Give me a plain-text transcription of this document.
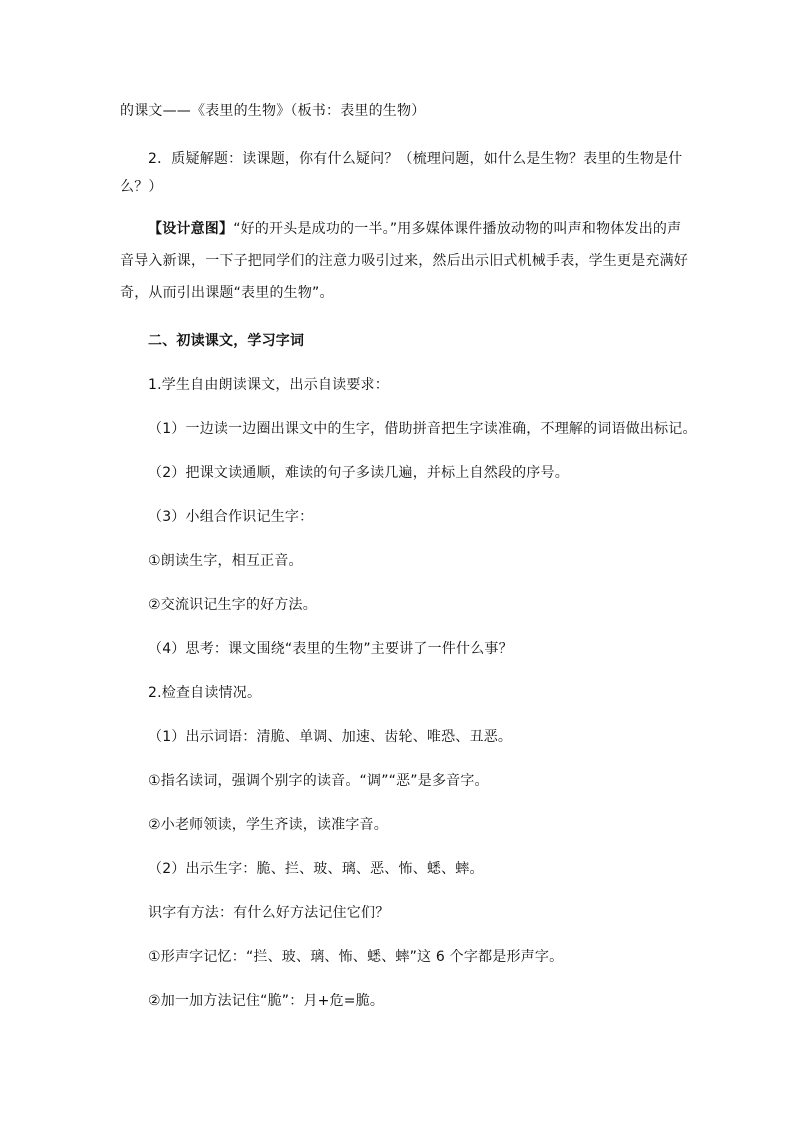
的课文——《表里的生物》（板书：表里的生物）
2．质疑解题：读课题，你有什么疑问？（梳理问题，如什么是生物？表里的生物是什
么？）
【设计意图】“好的开头是成功的一半。”用多媒体课件播放动物的叫声和物体发出的声
音导入新课，一下子把同学们的注意力吸引过来，然后出示旧式机械手表，学生更是充满好
奇，从而引出课题“表里的生物”。
二、初读课文，学习字词
1.学生自由朗读课文，出示自读要求：
（1）一边读一边圈出课文中的生字，借助拼音把生字读准确，不理解的词语做出标记。
（2）把课文读通顺，难读的句子多读几遍，并标上自然段的序号。
（3）小组合作识记生字：
①朗读生字，相互正音。
②交流识记生字的好方法。
（4）思考：课文围绕“表里的生物”主要讲了一件什么事？
2.检查自读情况。
（1）出示词语：清脆、单调、加速、齿轮、唯恐、丑恶。
①指名读词，强调个别字的读音。“调”“恶”是多音字。
②小老师领读，学生齐读，读准字音。
（2）出示生字：脆、拦、玻、璃、恶、怖、蟋、蟀。
识字有方法：有什么好方法记住它们？
①形声字记忆：“拦、玻、璃、怖、蟋、蟀”这 6 个字都是形声字。
②加一加方法记住“脆”：月+危=脆。
